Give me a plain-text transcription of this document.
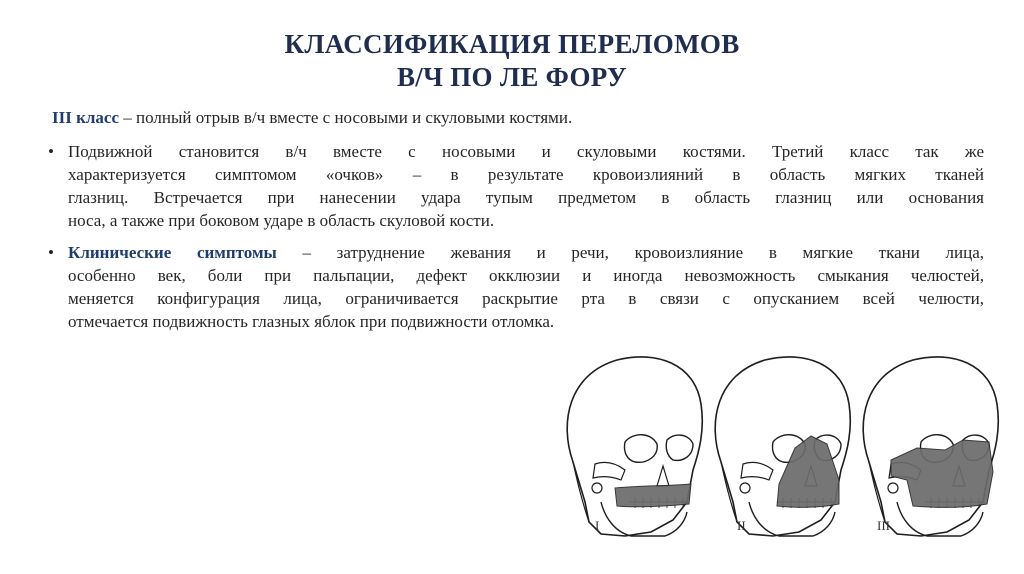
КЛАССИФИКАЦИЯ ПЕРЕЛОМОВ
В/Ч ПО ЛЕ ФОРУ
III класс – полный отрыв в/ч вместе с носовыми и скуловыми костями.
• Подвижной становится в/ч вместе с носовыми и скуловыми костями. Третий класс так же
характеризуется симптомом «очков» – в результате кровоизлияний в область мягких тканей
глазниц. Встречается при нанесении удара тупым предметом в область глазниц или основания
носа, а также при боковом ударе в область скуловой кости.
• Клинические симптомы – затруднение жевания и речи, кровоизлияние в мягкие ткани лица,
особенно век, боли при пальпации, дефект окклюзии и иногда невозможность смыкания челюстей,
меняется конфигурация лица, ограничивается раскрытие рта в связи с опусканием всей челюсти,
отмечается подвижность глазных яблок при подвижности отломка.
I	II	III
